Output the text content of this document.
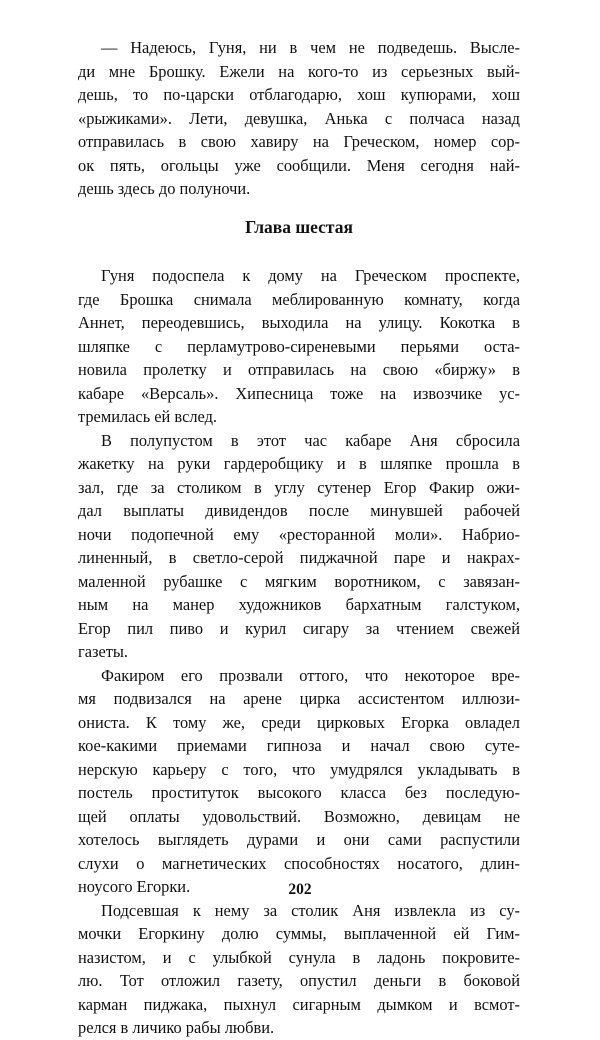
— Надеюсь, Гуня, ни в чем не подведешь. Высле-
ди мне Брошку. Ежели на кого-то из серьезных вый-
дешь, то по-царски отблагодарю, хош купюрами, хош
«рыжиками». Лети, девушка, Анька с полчаса назад
отправилась в свою хавиру на Греческом, номер сор-
ок пять, огольцы уже сообщили. Меня сегодня най-
дешь здесь до полуночи.
Глава шестая
Гуня подоспела к дому на Греческом проспекте,
где Брошка снимала меблированную комнату, когда
Аннет, переодевшись, выходила на улицу. Кокотка в
шляпке с перламутрово-сиреневыми перьями оста-
новила пролетку и отправилась на свою «биржу» в
кабаре «Версаль». Хипесница тоже на извозчике ус-
тремилась ей вслед.
В полупустом в этот час кабаре Аня сбросила
жакетку на руки гардеробщику и в шляпке прошла в
зал, где за столиком в углу сутенер Егор Факир ожи-
дал выплаты дивидендов после минувшей рабочей
ночи подопечной ему «ресторанной моли». Набрио-
линенный, в светло-серой пиджачной паре и накрах-
маленной рубашке с мягким воротником, с завязан-
ным на манер художников бархатным галстуком,
Егор пил пиво и курил сигару за чтением свежей
газеты.
Факиром его прозвали оттого, что некоторое вре-
мя подвизался на арене цирка ассистентом иллюзи-
ониста. К тому же, среди цирковых Егорка овладел
кое-какими приемами гипноза и начал свою суте-
нерскую карьеру с того, что умудрялся укладывать в
постель проституток высокого класса без последую-
щей оплаты удовольствий. Возможно, девицам не
хотелось выглядеть дурами и они сами распустили
слухи о магнетических способностях носатого, длин-
ноусого Егорки.
Подсевшая к нему за столик Аня извлекла из су-
мочки Егоркину долю суммы, выплаченной ей Гим-
назистом, и с улыбкой сунула в ладонь покровите-
лю. Тот отложил газету, опустил деньги в боковой
карман пиджака, пыхнул сигарным дымком и всмот-
релся в личико рабы любви.
202
